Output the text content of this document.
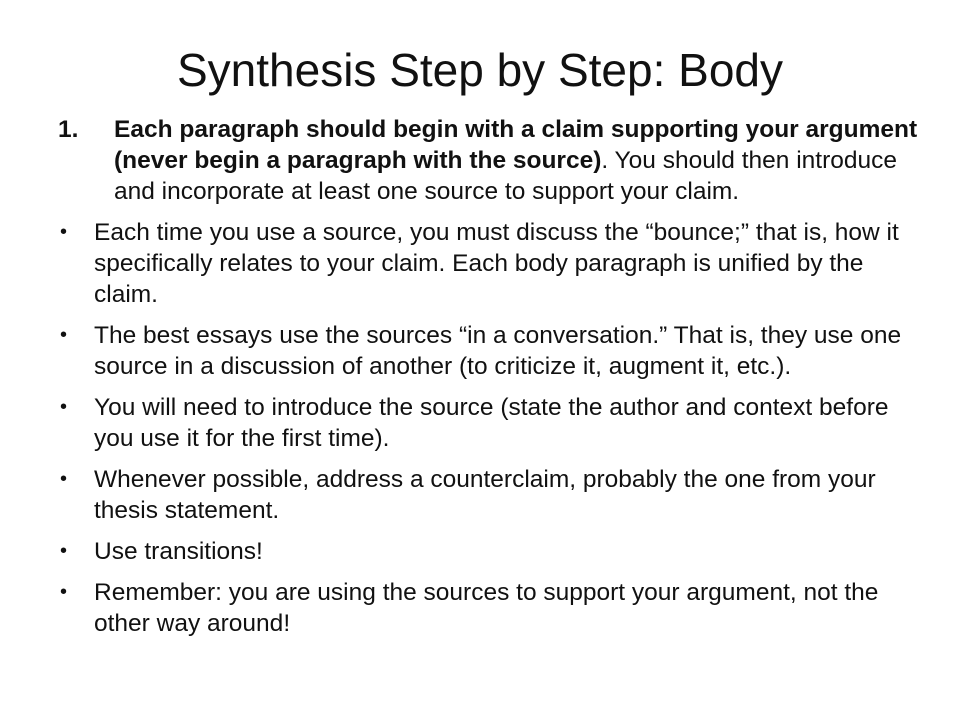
Synthesis Step by Step: Body
1. Each paragraph should begin with a claim supporting your argument (never begin a paragraph with the source). You should then introduce and incorporate at least one source to support your claim.
• Each time you use a source, you must discuss the “bounce;” that is, how it specifically relates to your claim. Each body paragraph is unified by the claim.
• The best essays use the sources “in a conversation.” That is, they use one source in a discussion of another (to criticize it, augment it, etc.).
• You will need to introduce the source (state the author and context before you use it for the first time).
• Whenever possible, address a counterclaim, probably the one from your thesis statement.
• Use transitions!
• Remember: you are using the sources to support your argument, not the other way around!
